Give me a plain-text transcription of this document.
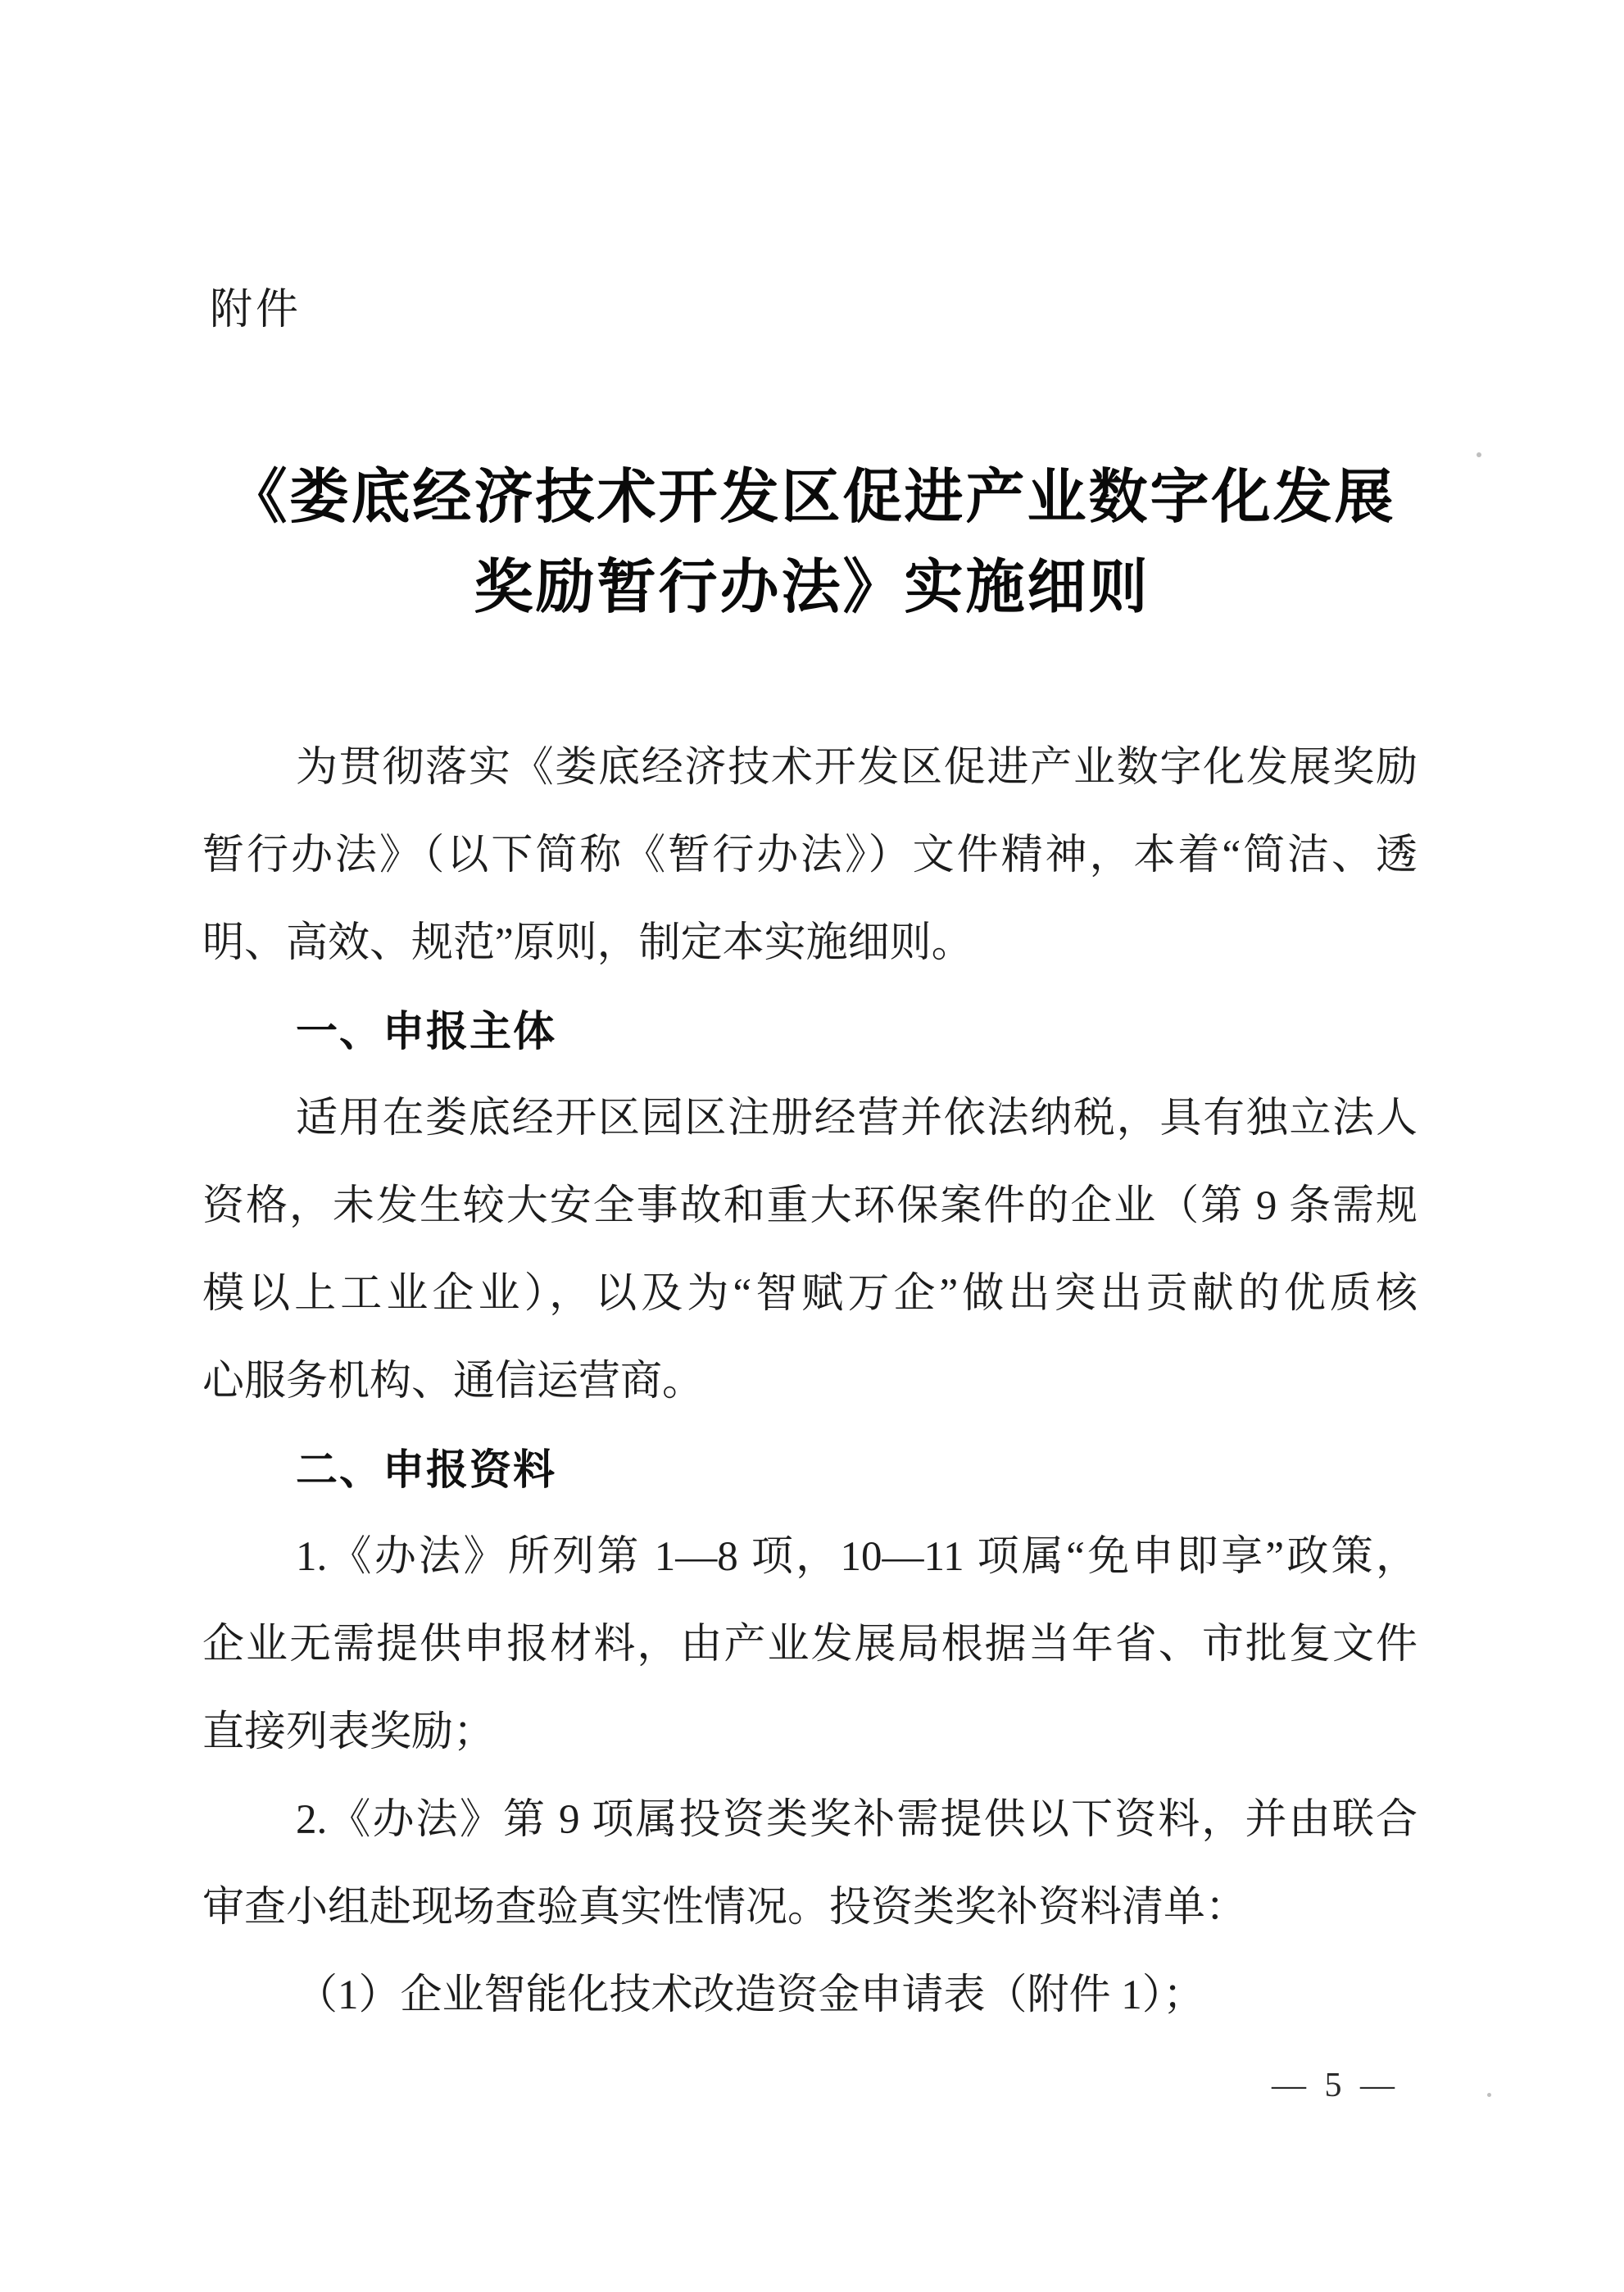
附件
《娄底经济技术开发区促进产业数字化发展
奖励暂行办法》实施细则
为贯彻落实《娄底经济技术开发区促进产业数字化发展奖励
暂行办法》（以下简称《暂行办法》）文件精神，本着“简洁、透
明、高效、规范”原则，制定本实施细则。
一、申报主体
适用在娄底经开区园区注册经营并依法纳税，具有独立法人
资格，未发生较大安全事故和重大环保案件的企业（第 9 条需规
模以上工业企业），以及为“智赋万企”做出突出贡献的优质核
心服务机构、通信运营商。
二、申报资料
1.《办法》所列第 1—8 项，10—11 项属“免申即享”政策，
企业无需提供申报材料，由产业发展局根据当年省、市批复文件
直接列表奖励；
2.《办法》第 9 项属投资类奖补需提供以下资料，并由联合
审查小组赴现场查验真实性情况。投资类奖补资料清单：
（1）企业智能化技术改造资金申请表（附件 1）；
— 5 —
